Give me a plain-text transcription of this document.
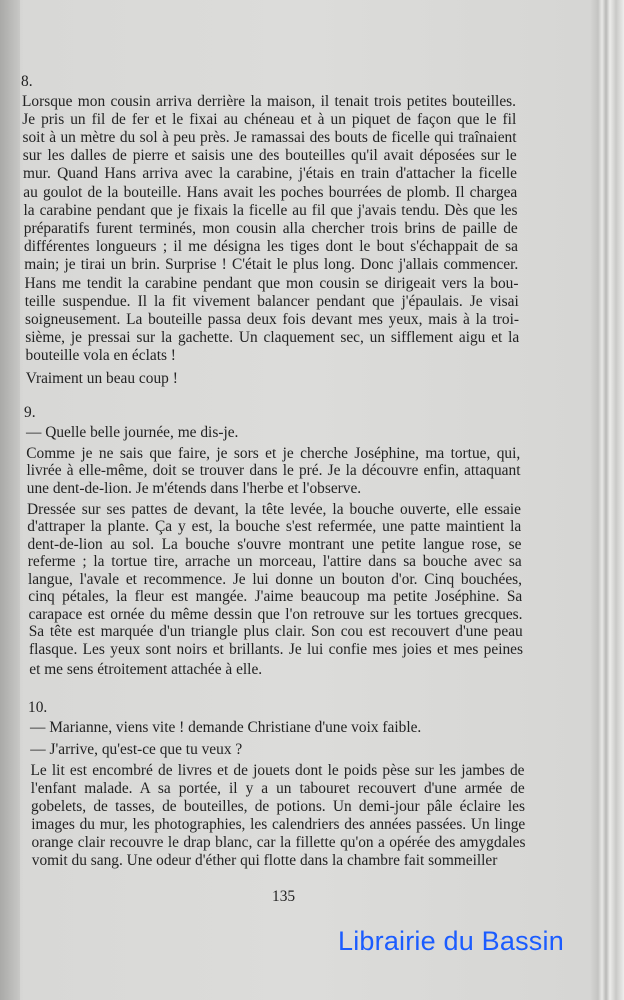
8.
Lorsque mon cousin arriva derrière la maison, il tenait trois petites bouteilles.
Je pris un fil de fer et le fixai au chéneau et à un piquet de façon que le fil
soit à un mètre du sol à peu près. Je ramassai des bouts de ficelle qui traînaient
sur les dalles de pierre et saisis une des bouteilles qu'il avait déposées sur le
mur. Quand Hans arriva avec la carabine, j'étais en train d'attacher la ficelle
au goulot de la bouteille. Hans avait les poches bourrées de plomb. Il chargea
la carabine pendant que je fixais la ficelle au fil que j'avais tendu. Dès que les
préparatifs furent terminés, mon cousin alla chercher trois brins de paille de
différentes longueurs ; il me désigna les tiges dont le bout s'échappait de sa
main; je tirai un brin. Surprise ! C'était le plus long. Donc j'allais commencer.
Hans me tendit la carabine pendant que mon cousin se dirigeait vers la bou-
teille suspendue. Il la fit vivement balancer pendant que j'épaulais. Je visai
soigneusement. La bouteille passa deux fois devant mes yeux, mais à la troi-
sième, je pressai sur la gachette. Un claquement sec, un sifflement aigu et la
bouteille vola en éclats !
Vraiment un beau coup !
9.
— Quelle belle journée, me dis-je.
Comme je ne sais que faire, je sors et je cherche Joséphine, ma tortue, qui,
livrée à elle-même, doit se trouver dans le pré. Je la découvre enfin, attaquant
une dent-de-lion. Je m'étends dans l'herbe et l'observe.
Dressée sur ses pattes de devant, la tête levée, la bouche ouverte, elle essaie
d'attraper la plante. Ça y est, la bouche s'est refermée, une patte maintient la
dent-de-lion au sol. La bouche s'ouvre montrant une petite langue rose, se
referme ; la tortue tire, arrache un morceau, l'attire dans sa bouche avec sa
langue, l'avale et recommence. Je lui donne un bouton d'or. Cinq bouchées,
cinq pétales, la fleur est mangée. J'aime beaucoup ma petite Joséphine. Sa
carapace est ornée du même dessin que l'on retrouve sur les tortues grecques.
Sa tête est marquée d'un triangle plus clair. Son cou est recouvert d'une peau
flasque. Les yeux sont noirs et brillants. Je lui confie mes joies et mes peines
et me sens étroitement attachée à elle.
10.
— Marianne, viens vite ! demande Christiane d'une voix faible.
— J'arrive, qu'est-ce que tu veux ?
Le lit est encombré de livres et de jouets dont le poids pèse sur les jambes de
l'enfant malade. A sa portée, il y a un tabouret recouvert d'une armée de
gobelets, de tasses, de bouteilles, de potions. Un demi-jour pâle éclaire les
images du mur, les photographies, les calendriers des années passées. Un linge
orange clair recouvre le drap blanc, car la fillette qu'on a opérée des amygdales
vomit du sang. Une odeur d'éther qui flotte dans la chambre fait sommeiller
135
Librairie du Bassin
